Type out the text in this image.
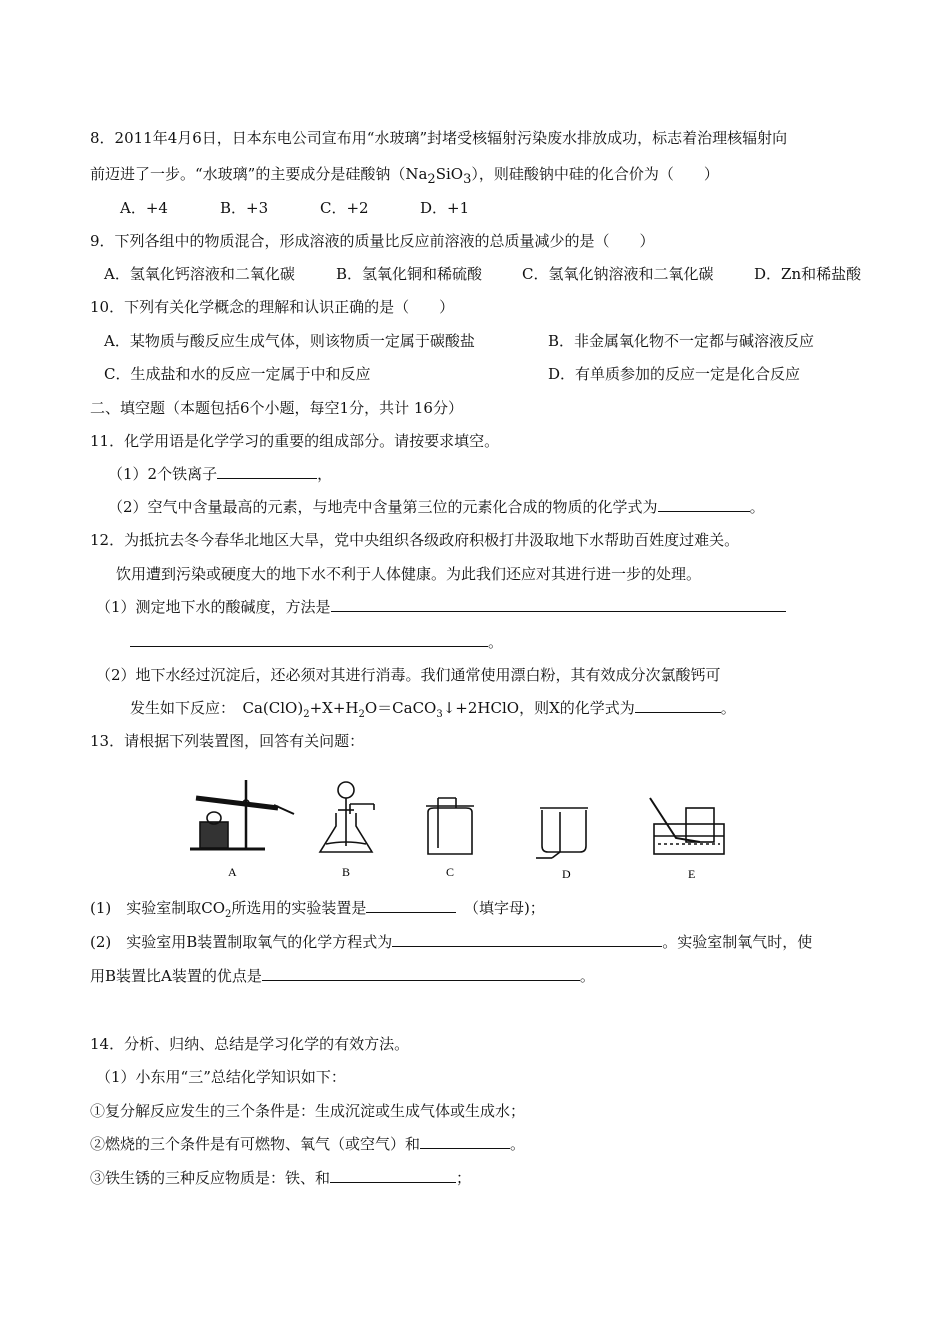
8．2011年4月6日，日本东电公司宣布用“水玻璃”封堵受核辐射污染废水排放成功，标志着治理核辐射向
前迈进了一步。“水玻璃”的主要成分是硅酸钠$(Na_2SiO_3)$，则硅酸钠中硅的化合价为（　　）
A．+4	B．+3	C．+2	D．+1
9．下列各组中的物质混合，形成溶液的质量比反应前溶液的总质量减少的是（　　）
A．氢氧化钙溶液和二氧化碳	B．氢氧化铜和稀硫酸	C．氢氧化钠溶液和二氧化碳	D．Zn和稀盐酸
10．下列有关化学概念的理解和认识正确的是（　　）
A．某物质与酸反应生成气体，则该物质一定属于碳酸盐	B．非金属氧化物不一定都与碱溶液反应
C．生成盐和水的反应一定属于中和反应	D．有单质参加的反应一定是化合反应
二、填空题（本题包括6个小题，每空1分，共计 16分）
11．化学用语是化学学习的重要的组成部分。请按要求填空。
（1）2个铁离子	，
（2）空气中含量最高的元素，与地壳中含量第三位的元素化合成的物质的化学式为	。
12．为抵抗去冬今春华北地区大旱，党中央组织各级政府积极打井汲取地下水帮助百姓度过难关。
饮用遭到污染或硬度大的地下水不利于人体健康。为此我们还应对其进行进一步的处理。
（1）测定地下水的酸碱度，方法是
。
（2）地下水经过沉淀后，还必须对其进行消毒。我们通常使用漂白粉，其有效成分次氯酸钙可
发生如下反应：　$Ca(ClO)_2+X+H_2O=CaCO_3↓+2HClO$，则X的化学式为	。
13．请根据下列装置图，回答有关问题：
A	B	C	D	E
(1)　实验室制取$CO_2$所选用的实验装置是　	（填字母)；
(2)　实验室用B装置制取氧气的化学方程式为	。实验室制氧气时，使
用B装置比A装置的优点是	。
14．分析、归纳、总结是学习化学的有效方法。
（1）小东用“三”总结化学知识如下：
①复分解反应发生的三个条件是：生成沉淀或生成气体或生成水；
②燃烧的三个条件是有可燃物、氧气（或空气）和	。
③铁生锈的三种反应物质是：铁、和	；
